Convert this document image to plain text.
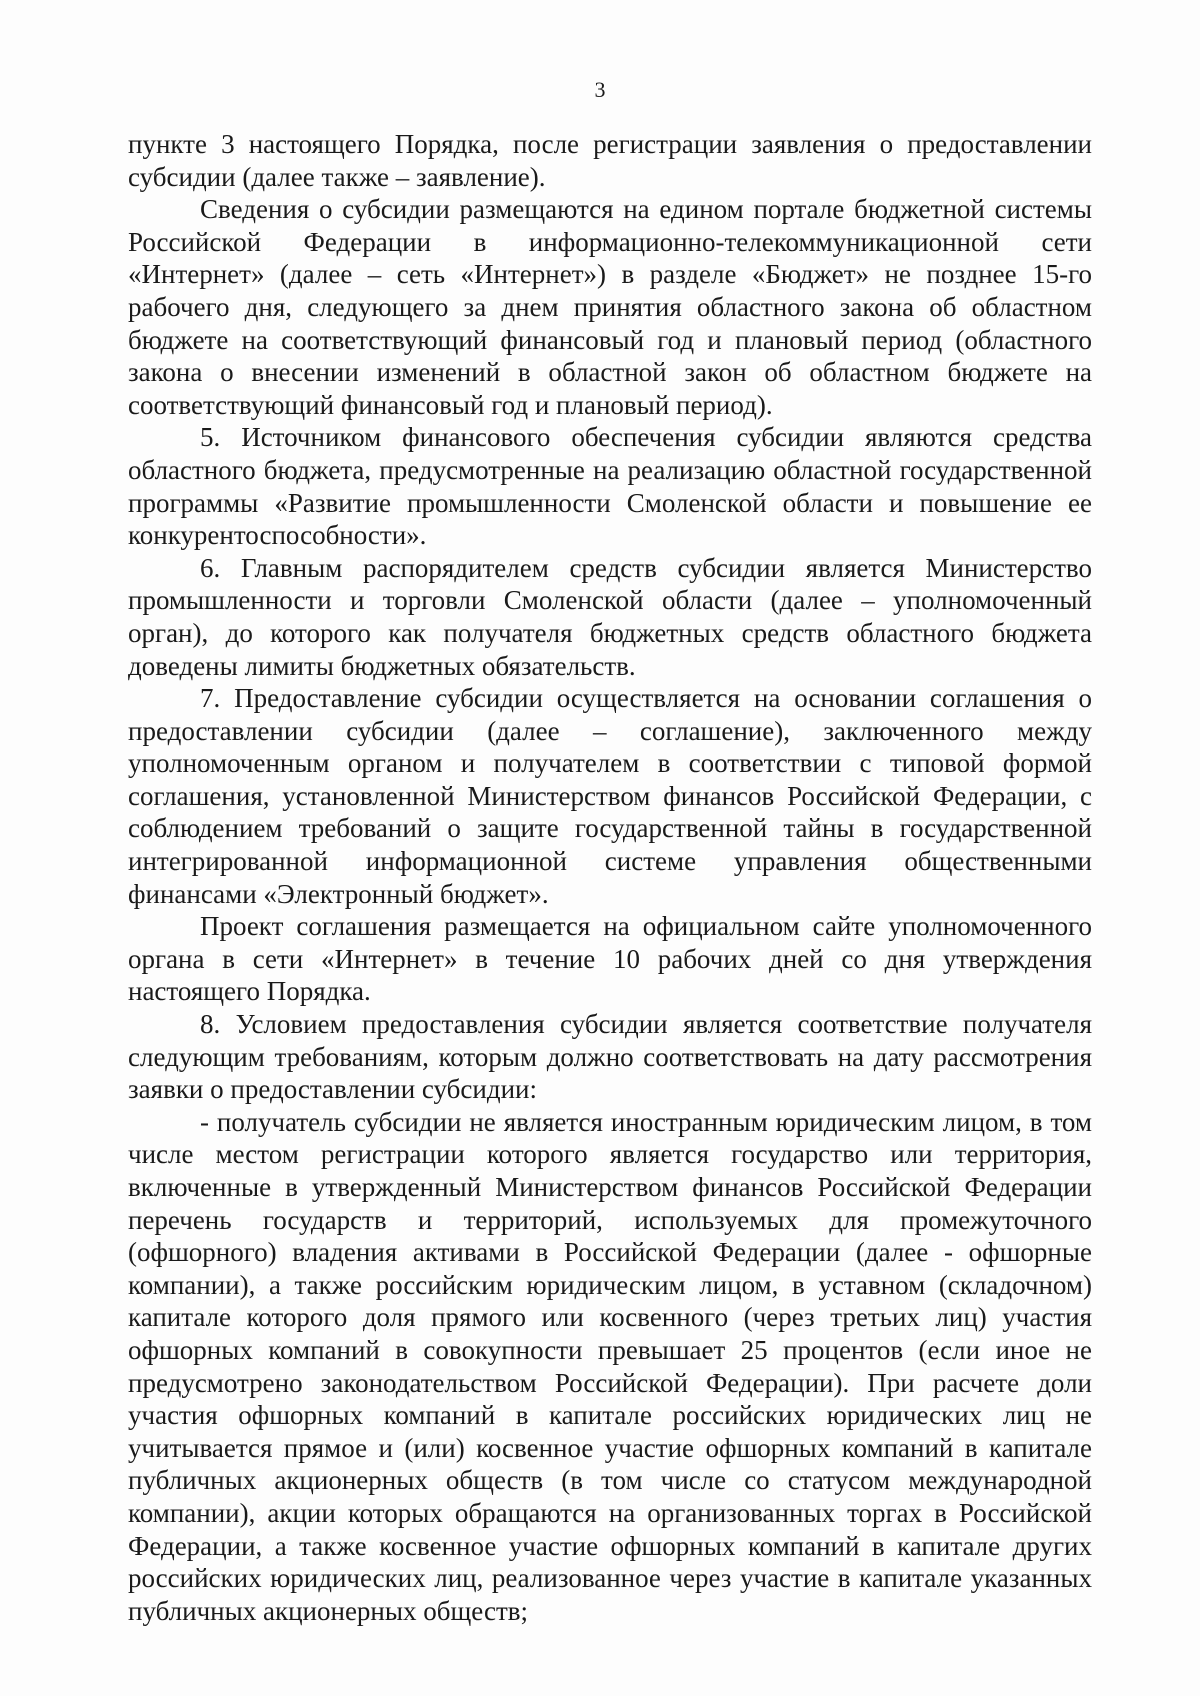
3

пункте 3 настоящего Порядка, после регистрации заявления о предоставлении субсидии (далее также – заявление).

Сведения о субсидии размещаются на едином портале бюджетной системы Российской Федерации в информационно-телекоммуникационной сети «Интернет» (далее – сеть «Интернет») в разделе «Бюджет» не позднее 15-го рабочего дня, следующего за днем принятия областного закона об областном бюджете на соответствующий финансовый год и плановый период (областного закона о внесении изменений в областной закон об областном бюджете на соответствующий финансовый год и плановый период).

5. Источником финансового обеспечения субсидии являются средства областного бюджета, предусмотренные на реализацию областной государственной программы «Развитие промышленности Смоленской области и повышение ее конкурентоспособности».

6. Главным распорядителем средств субсидии является Министерство промышленности и торговли Смоленской области (далее – уполномоченный орган), до которого как получателя бюджетных средств областного бюджета доведены лимиты бюджетных обязательств.

7. Предоставление субсидии осуществляется на основании соглашения о предоставлении субсидии (далее – соглашение), заключенного между уполномоченным органом и получателем в соответствии с типовой формой соглашения, установленной Министерством финансов Российской Федерации, с соблюдением требований о защите государственной тайны в государственной интегрированной информационной системе управления общественными финансами «Электронный бюджет».

Проект соглашения размещается на официальном сайте уполномоченного органа в сети «Интернет» в течение 10 рабочих дней со дня утверждения настоящего Порядка.

8. Условием предоставления субсидии является соответствие получателя следующим требованиям, которым должно соответствовать на дату рассмотрения заявки о предоставлении субсидии:

- получатель субсидии не является иностранным юридическим лицом, в том числе местом регистрации которого является государство или территория, включенные в утвержденный Министерством финансов Российской Федерации перечень государств и территорий, используемых для промежуточного (офшорного) владения активами в Российской Федерации (далее - офшорные компании), а также российским юридическим лицом, в уставном (складочном) капитале которого доля прямого или косвенного (через третьих лиц) участия офшорных компаний в совокупности превышает 25 процентов (если иное не предусмотрено законодательством Российской Федерации). При расчете доли участия офшорных компаний в капитале российских юридических лиц не учитывается прямое и (или) косвенное участие офшорных компаний в капитале публичных акционерных обществ (в том числе со статусом международной компании), акции которых обращаются на организованных торгах в Российской Федерации, а также косвенное участие офшорных компаний в капитале других российских юридических лиц, реализованное через участие в капитале указанных публичных акционерных обществ;
